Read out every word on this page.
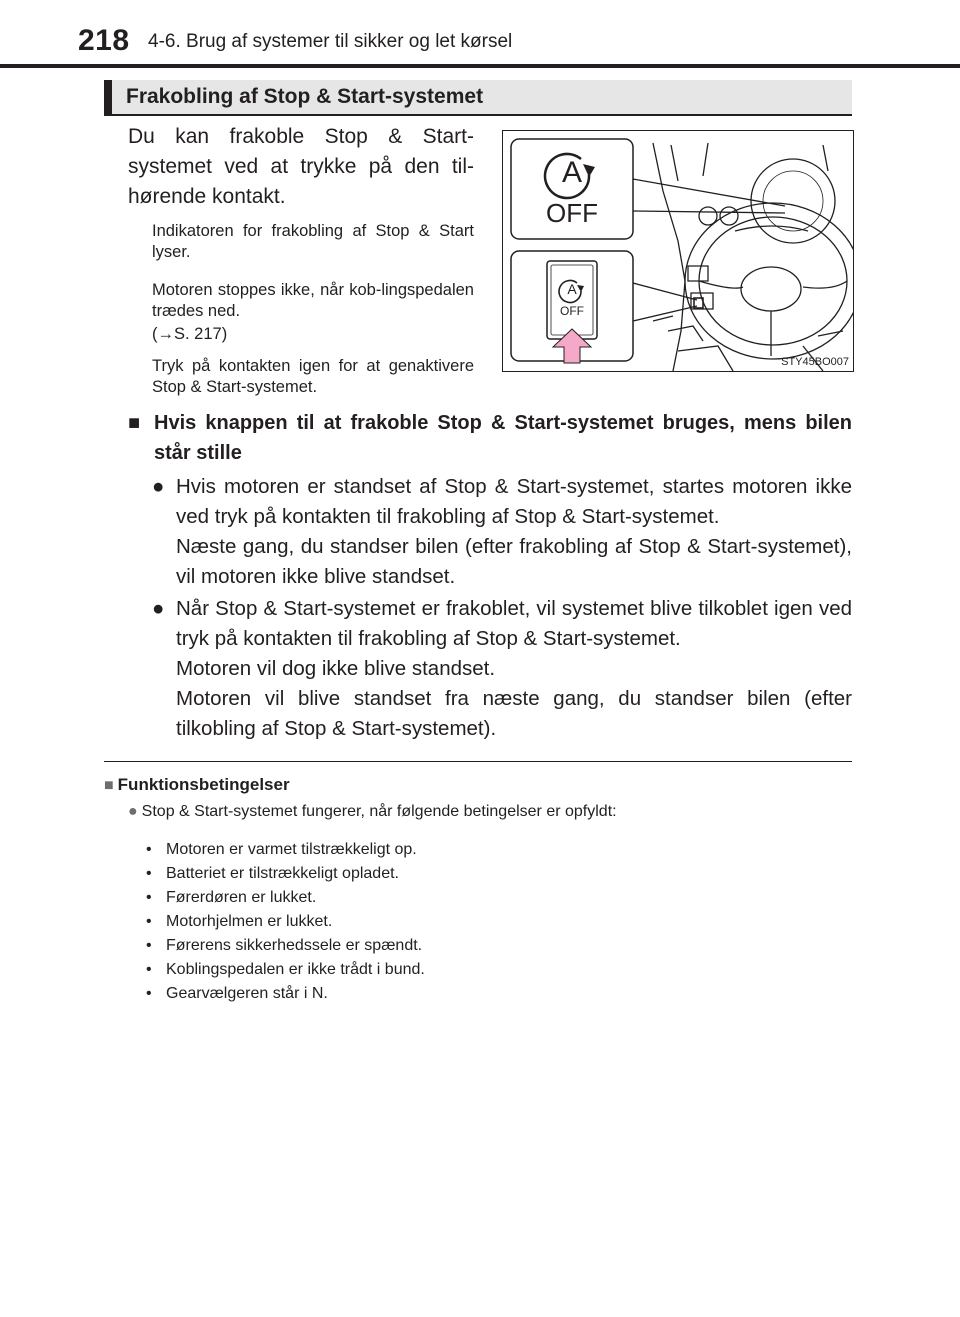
218 4-6. Brug af systemer til sikker og let kørsel
Frakobling af Stop & Start-systemet
Du kan frakoble Stop & Start-systemet ved at trykke på den til-hørende kontakt.
Indikatoren for frakobling af Stop & Start lyser.
Motoren stoppes ikke, når kob-lingspedalen trædes ned.
(→S. 217)
Tryk på kontakten igen for at genaktivere Stop & Start-systemet.
A
OFF
A
OFF
STY45BO007
■ Hvis knappen til at frakoble Stop & Start-systemet bruges, mens bilen står stille
● Hvis motoren er standset af Stop & Start-systemet, startes motoren ikke ved tryk på kontakten til frakobling af Stop & Start-systemet.
Næste gang, du standser bilen (efter frakobling af Stop & Start-systemet), vil motoren ikke blive standset.
● Når Stop & Start-systemet er frakoblet, vil systemet blive tilkoblet igen ved tryk på kontakten til frakobling af Stop & Start-systemet.
Motoren vil dog ikke blive standset.
Motoren vil blive standset fra næste gang, du standser bilen (efter tilkobling af Stop & Start-systemet).
■ Funktionsbetingelser
● Stop & Start-systemet fungerer, når følgende betingelser er opfyldt:
• Motoren er varmet tilstrækkeligt op.
• Batteriet er tilstrækkeligt opladet.
• Førerdøren er lukket.
• Motorhjelmen er lukket.
• Førerens sikkerhedssele er spændt.
• Koblingspedalen er ikke trådt i bund.
• Gearvælgeren står i N.
